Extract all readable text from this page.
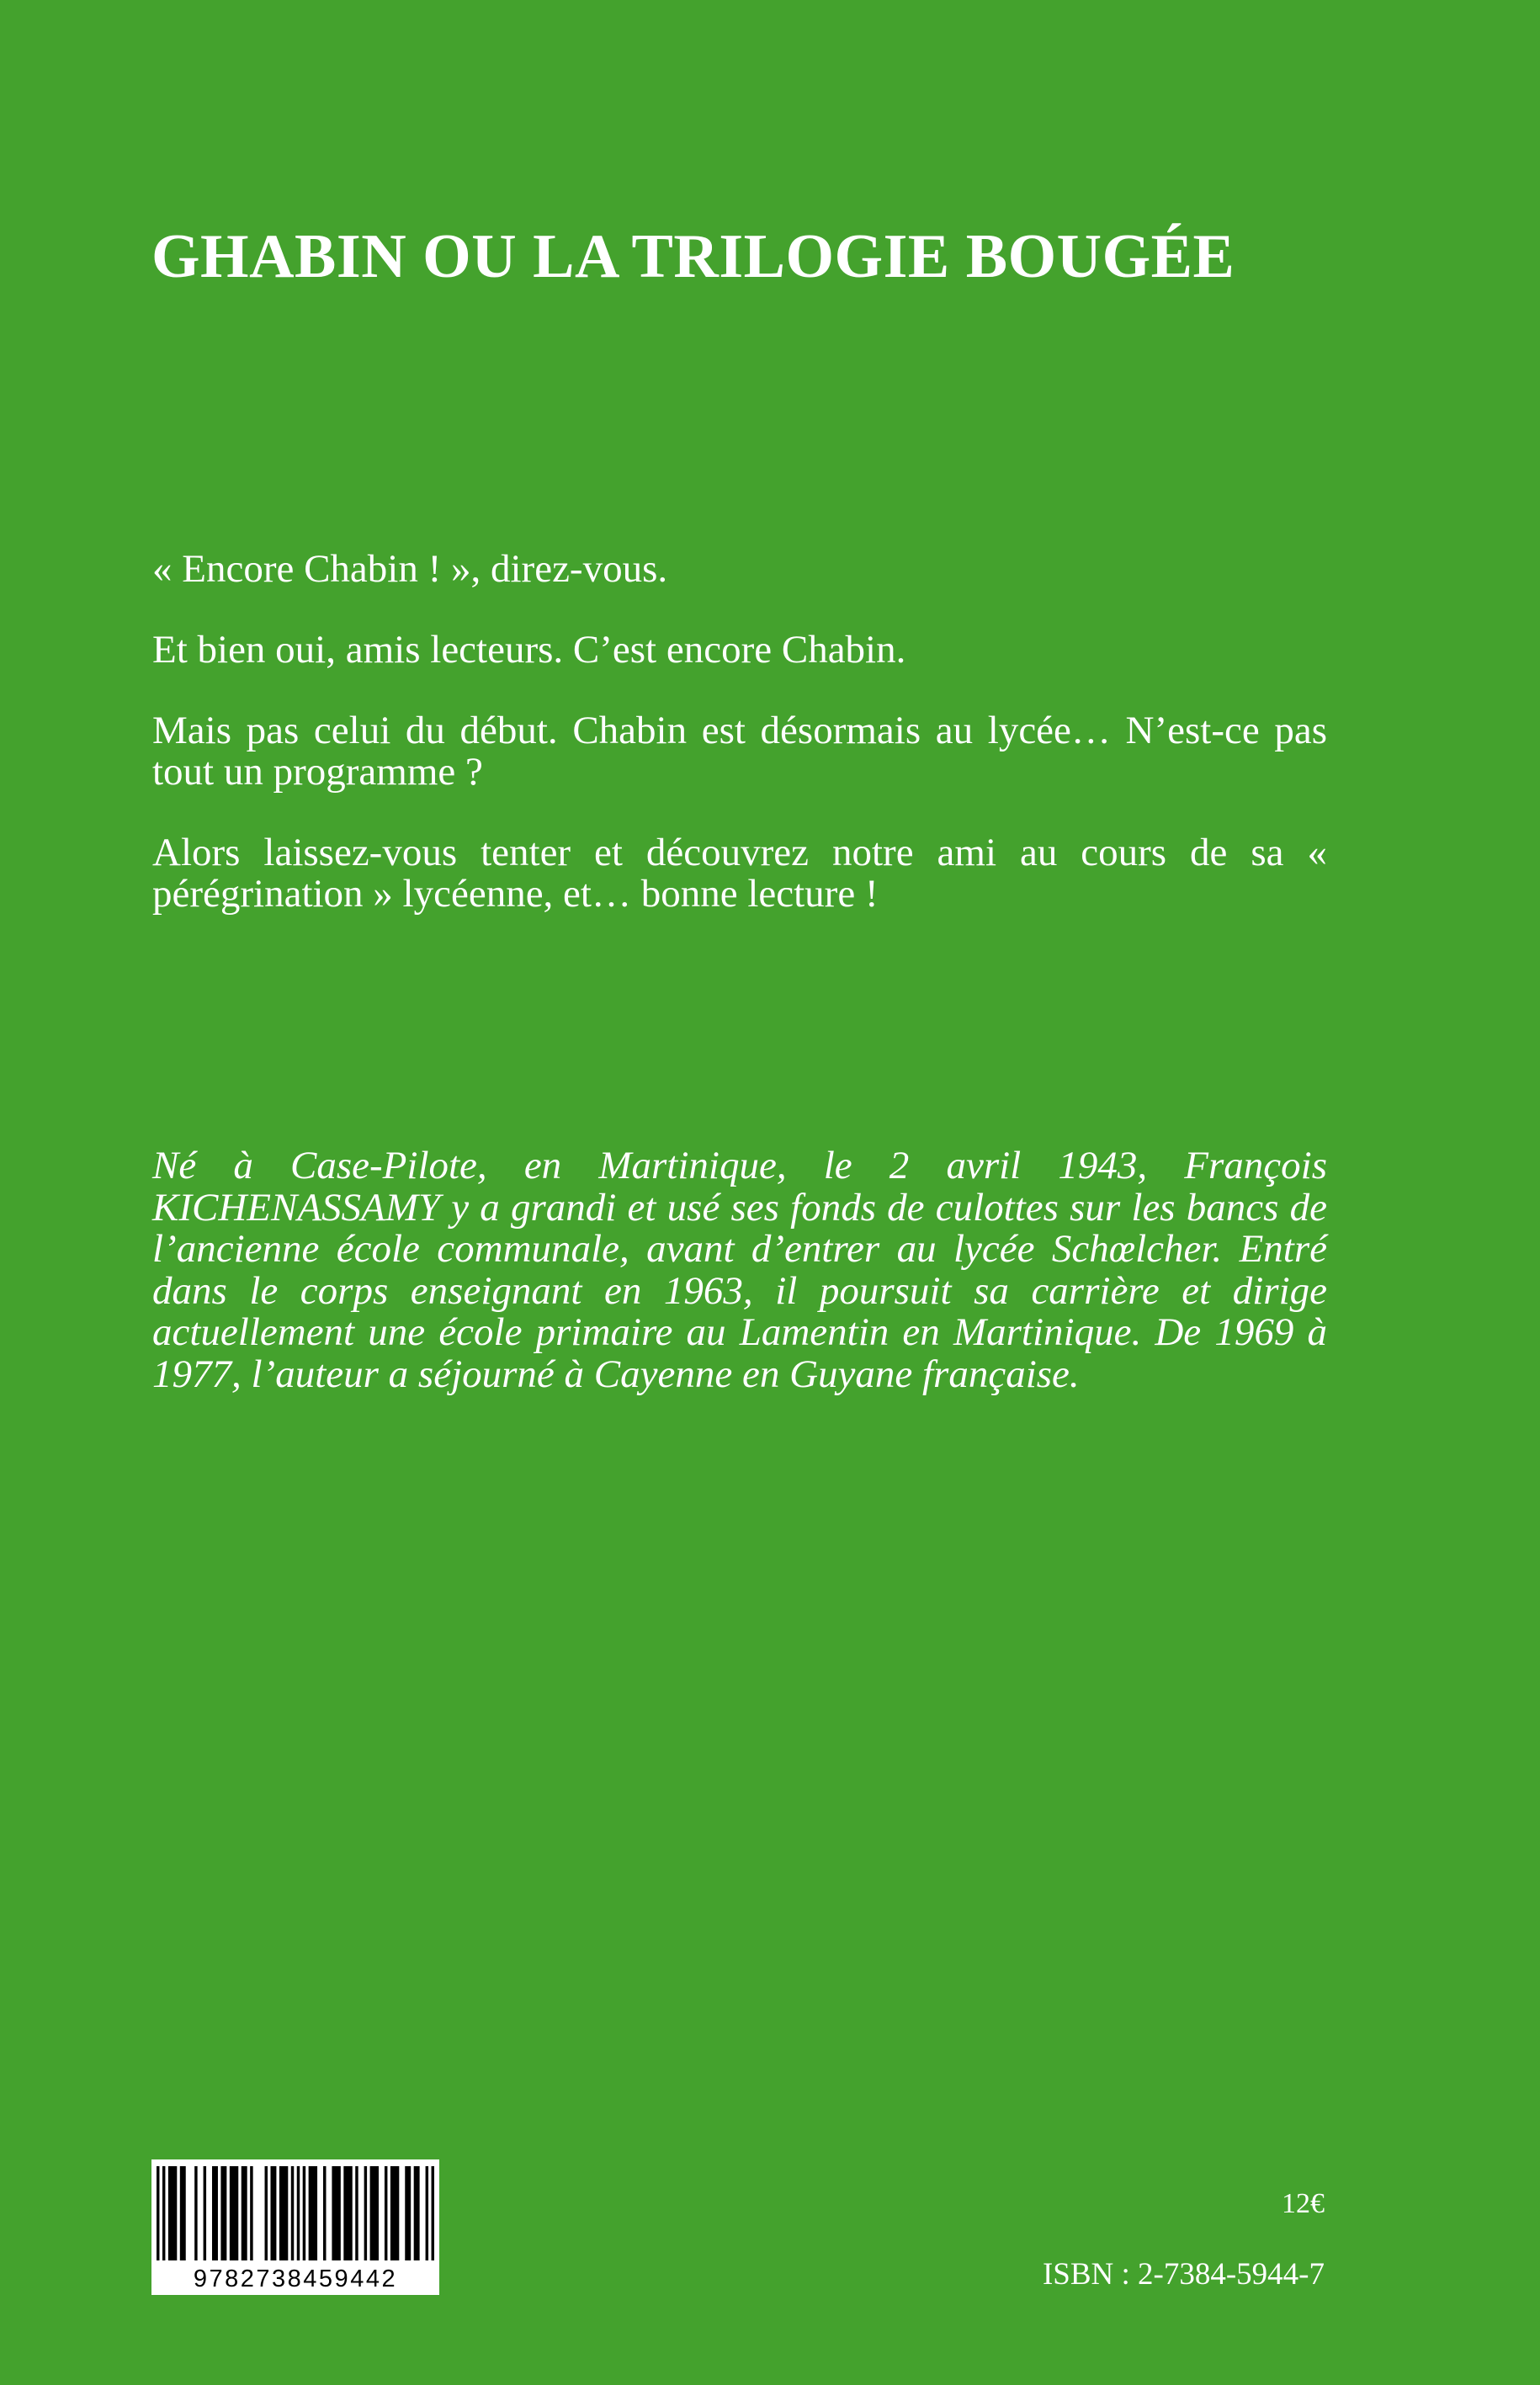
GHABIN OU LA TRILOGIE BOUGÉE

« Encore Chabin ! », direz-vous.

Et bien oui, amis lecteurs. C’est encore Chabin.

Mais pas celui du début. Chabin est désormais au lycée… N’est-ce pas tout un programme ?

Alors laissez-vous tenter et découvrez notre ami au cours de sa « pérégrination » lycéenne, et… bonne lecture !

Né à Case-Pilote, en Martinique, le 2 avril 1943, François KICHENASSAMY y a grandi et usé ses fonds de culottes sur les bancs de l’ancienne école communale, avant d’entrer au lycée Schœlcher. Entré dans le corps enseignant en 1963, il poursuit sa carrière et dirige actuellement une école primaire au Lamentin en Martinique. De 1969 à 1977, l’auteur a séjourné à Cayenne en Guyane française.

9782738459442
12€
ISBN : 2-7384-5944-7
